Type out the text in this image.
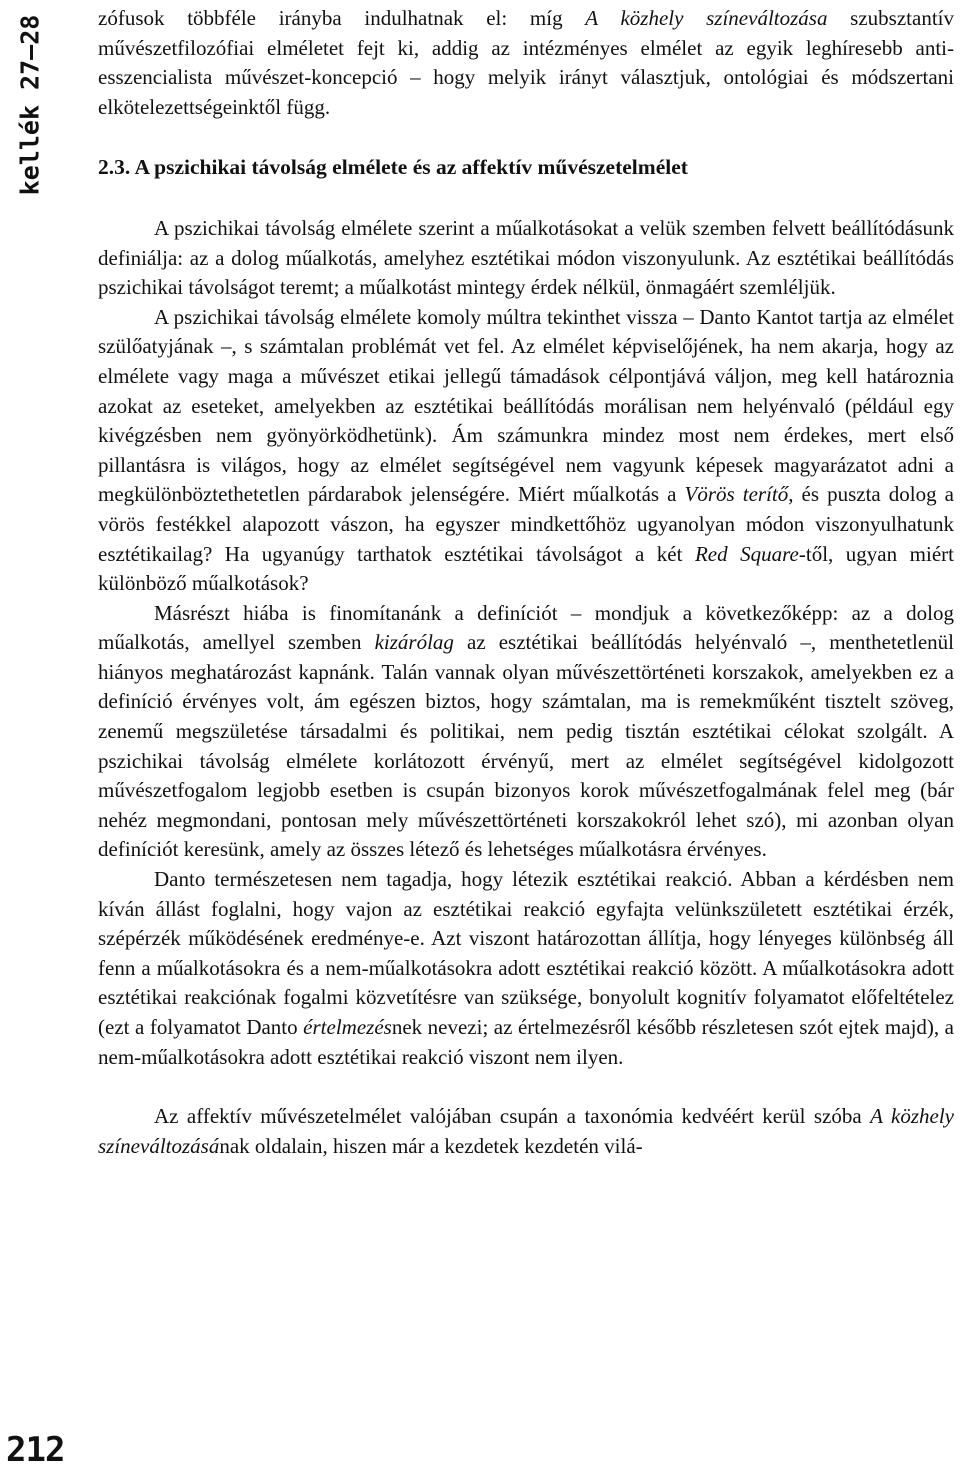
kellék 27–28
212

zófusok többféle irányba indulhatnak el: míg A közhely színeváltozása szubsztantív művészetfilozófiai elméletet fejt ki, addig az intézményes elmélet az egyik leghíresebb anti-esszencialista művészet-koncepció – hogy melyik irányt választjuk, ontológiai és módszertani elkötelezettségeinktől függ.

2.3. A pszichikai távolság elmélete és az affektív művészetelmélet

A pszichikai távolság elmélete szerint a műalkotásokat a velük szemben felvett beállítódásunk definiálja: az a dolog műalkotás, amelyhez esztétikai módon viszonyulunk. Az esztétikai beállítódás pszichikai távolságot teremt; a műalkotást mintegy érdek nélkül, önmagáért szemléljük.

A pszichikai távolság elmélete komoly múltra tekinthet vissza – Danto Kantot tartja az elmélet szülőatyjának –, s számtalan problémát vet fel. Az elmélet képviselőjének, ha nem akarja, hogy az elmélete vagy maga a művészet etikai jellegű támadások célpontjává váljon, meg kell határoznia azokat az eseteket, amelyekben az esztétikai beállítódás morálisan nem helyénvaló (például egy kivégzésben nem gyönyörködhetünk). Ám számunkra mindez most nem érdekes, mert első pillantásra is világos, hogy az elmélet segítségével nem vagyunk képesek magyarázatot adni a megkülönböztethetetlen párdarabok jelenségére. Miért műalkotás a Vörös terítő, és puszta dolog a vörös festékkel alapozott vászon, ha egyszer mindkettőhöz ugyanolyan módon viszonyulhatunk esztétikailag? Ha ugyanúgy tarthatok esztétikai távolságot a két Red Square-től, ugyan miért különböző műalkotások?

Másrészt hiába is finomítanánk a definíciót – mondjuk a következőképp: az a dolog műalkotás, amellyel szemben kizárólag az esztétikai beállítódás helyénvaló –, menthetetlenül hiányos meghatározást kapnánk. Talán vannak olyan művészettörténeti korszakok, amelyekben ez a definíció érvényes volt, ám egészen biztos, hogy számtalan, ma is remekműként tisztelt szöveg, zenemű megszületése társadalmi és politikai, nem pedig tisztán esztétikai célokat szolgált. A pszichikai távolság elmélete korlátozott érvényű, mert az elmélet segítségével kidolgozott művészetfogalom legjobb esetben is csupán bizonyos korok művészetfogalmának felel meg (bár nehéz megmondani, pontosan mely művészettörténeti korszakokról lehet szó), mi azonban olyan definíciót keresünk, amely az összes létező és lehetséges műalkotásra érvényes.

Danto természetesen nem tagadja, hogy létezik esztétikai reakció. Abban a kérdésben nem kíván állást foglalni, hogy vajon az esztétikai reakció egyfajta velünkszületett esztétikai érzék, szépérzék működésének eredménye-e. Azt viszont határozottan állítja, hogy lényeges különbség áll fenn a műalkotásokra és a nem-műalkotásokra adott esztétikai reakció között. A műalkotásokra adott esztétikai reakciónak fogalmi közvetítésre van szüksége, bonyolult kognitív folyamatot előfeltételez (ezt a folyamatot Danto értelmezésnek nevezi; az értelmezésről később részletesen szót ejtek majd), a nem-műalkotásokra adott esztétikai reakció viszont nem ilyen.

Az affektív művészetelmélet valójában csupán a taxonómia kedvéért kerül szóba A közhely színeváltozásának oldalain, hiszen már a kezdetek kezdetén vilá-
